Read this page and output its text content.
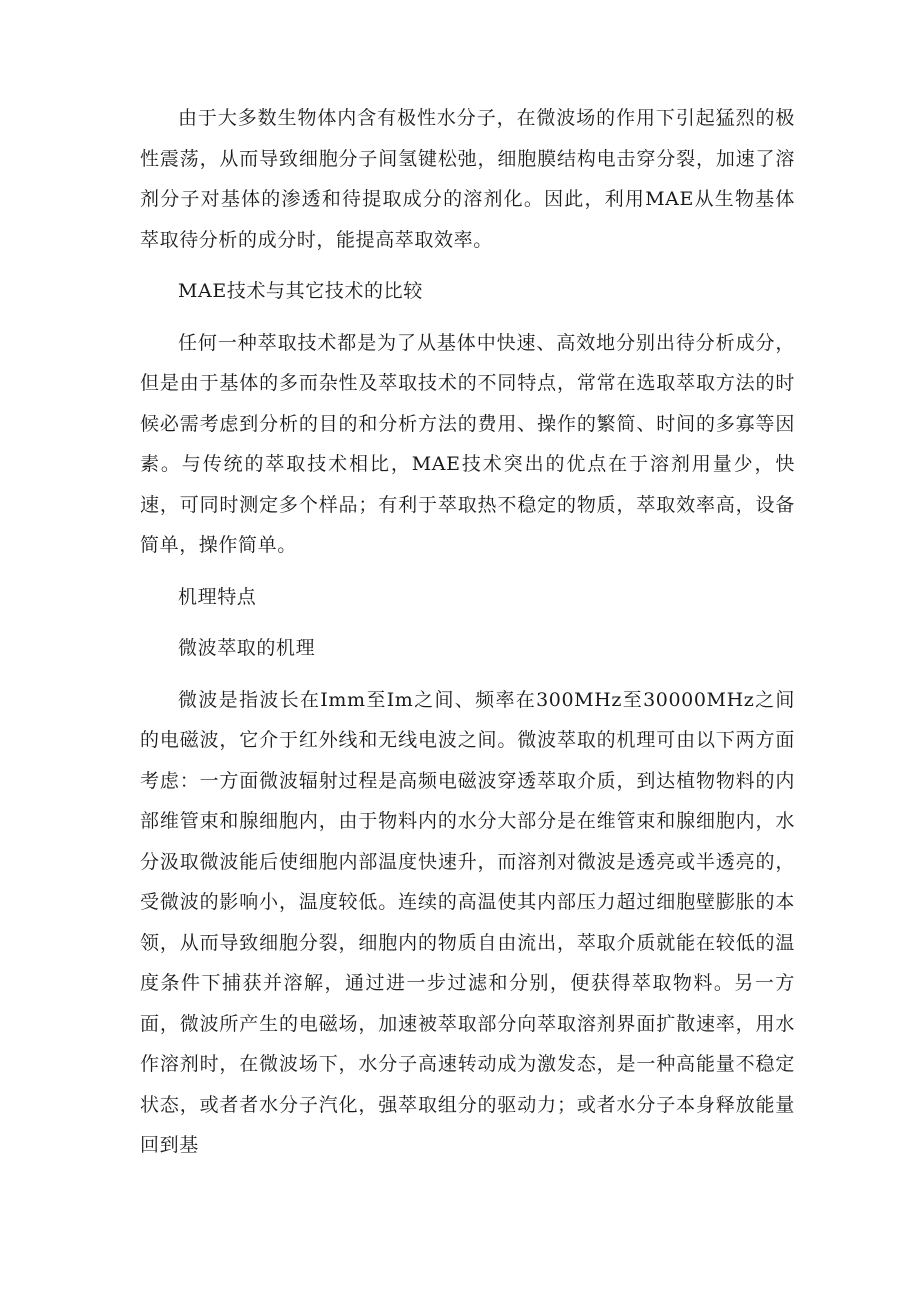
由于大多数生物体内含有极性水分子，在微波场的作用下引起猛烈的极性震荡，从而导致细胞分子间氢键松弛，细胞膜结构电击穿分裂，加速了溶剂分子对基体的渗透和待提取成分的溶剂化。因此，利用MAE从生物基体萃取待分析的成分时，能提高萃取效率。

MAE技术与其它技术的比较

任何一种萃取技术都是为了从基体中快速、高效地分别出待分析成分，但是由于基体的多而杂性及萃取技术的不同特点，常常在选取萃取方法的时候必需考虑到分析的目的和分析方法的费用、操作的繁简、时间的多寡等因素。与传统的萃取技术相比，MAE技术突出的优点在于溶剂用量少，快速，可同时测定多个样品；有利于萃取热不稳定的物质，萃取效率高，设备简单，操作简单。

机理特点

微波萃取的机理

微波是指波长在Imm至Im之间、频率在300MHz至30000MHz之间的电磁波，它介于红外线和无线电波之间。微波萃取的机理可由以下两方面考虑：一方面微波辐射过程是高频电磁波穿透萃取介质，到达植物物料的内部维管束和腺细胞内，由于物料内的水分大部分是在维管束和腺细胞内，水分汲取微波能后使细胞内部温度快速升，而溶剂对微波是透亮或半透亮的，受微波的影响小，温度较低。连续的高温使其内部压力超过细胞壁膨胀的本领，从而导致细胞分裂，细胞内的物质自由流出，萃取介质就能在较低的温度条件下捕获并溶解，通过进一步过滤和分别，便获得萃取物料。另一方面，微波所产生的电磁场，加速被萃取部分向萃取溶剂界面扩散速率，用水作溶剂时，在微波场下，水分子高速转动成为激发态，是一种高能量不稳定状态，或者者水分子汽化，强萃取组分的驱动力；或者水分子本身释放能量回到基
